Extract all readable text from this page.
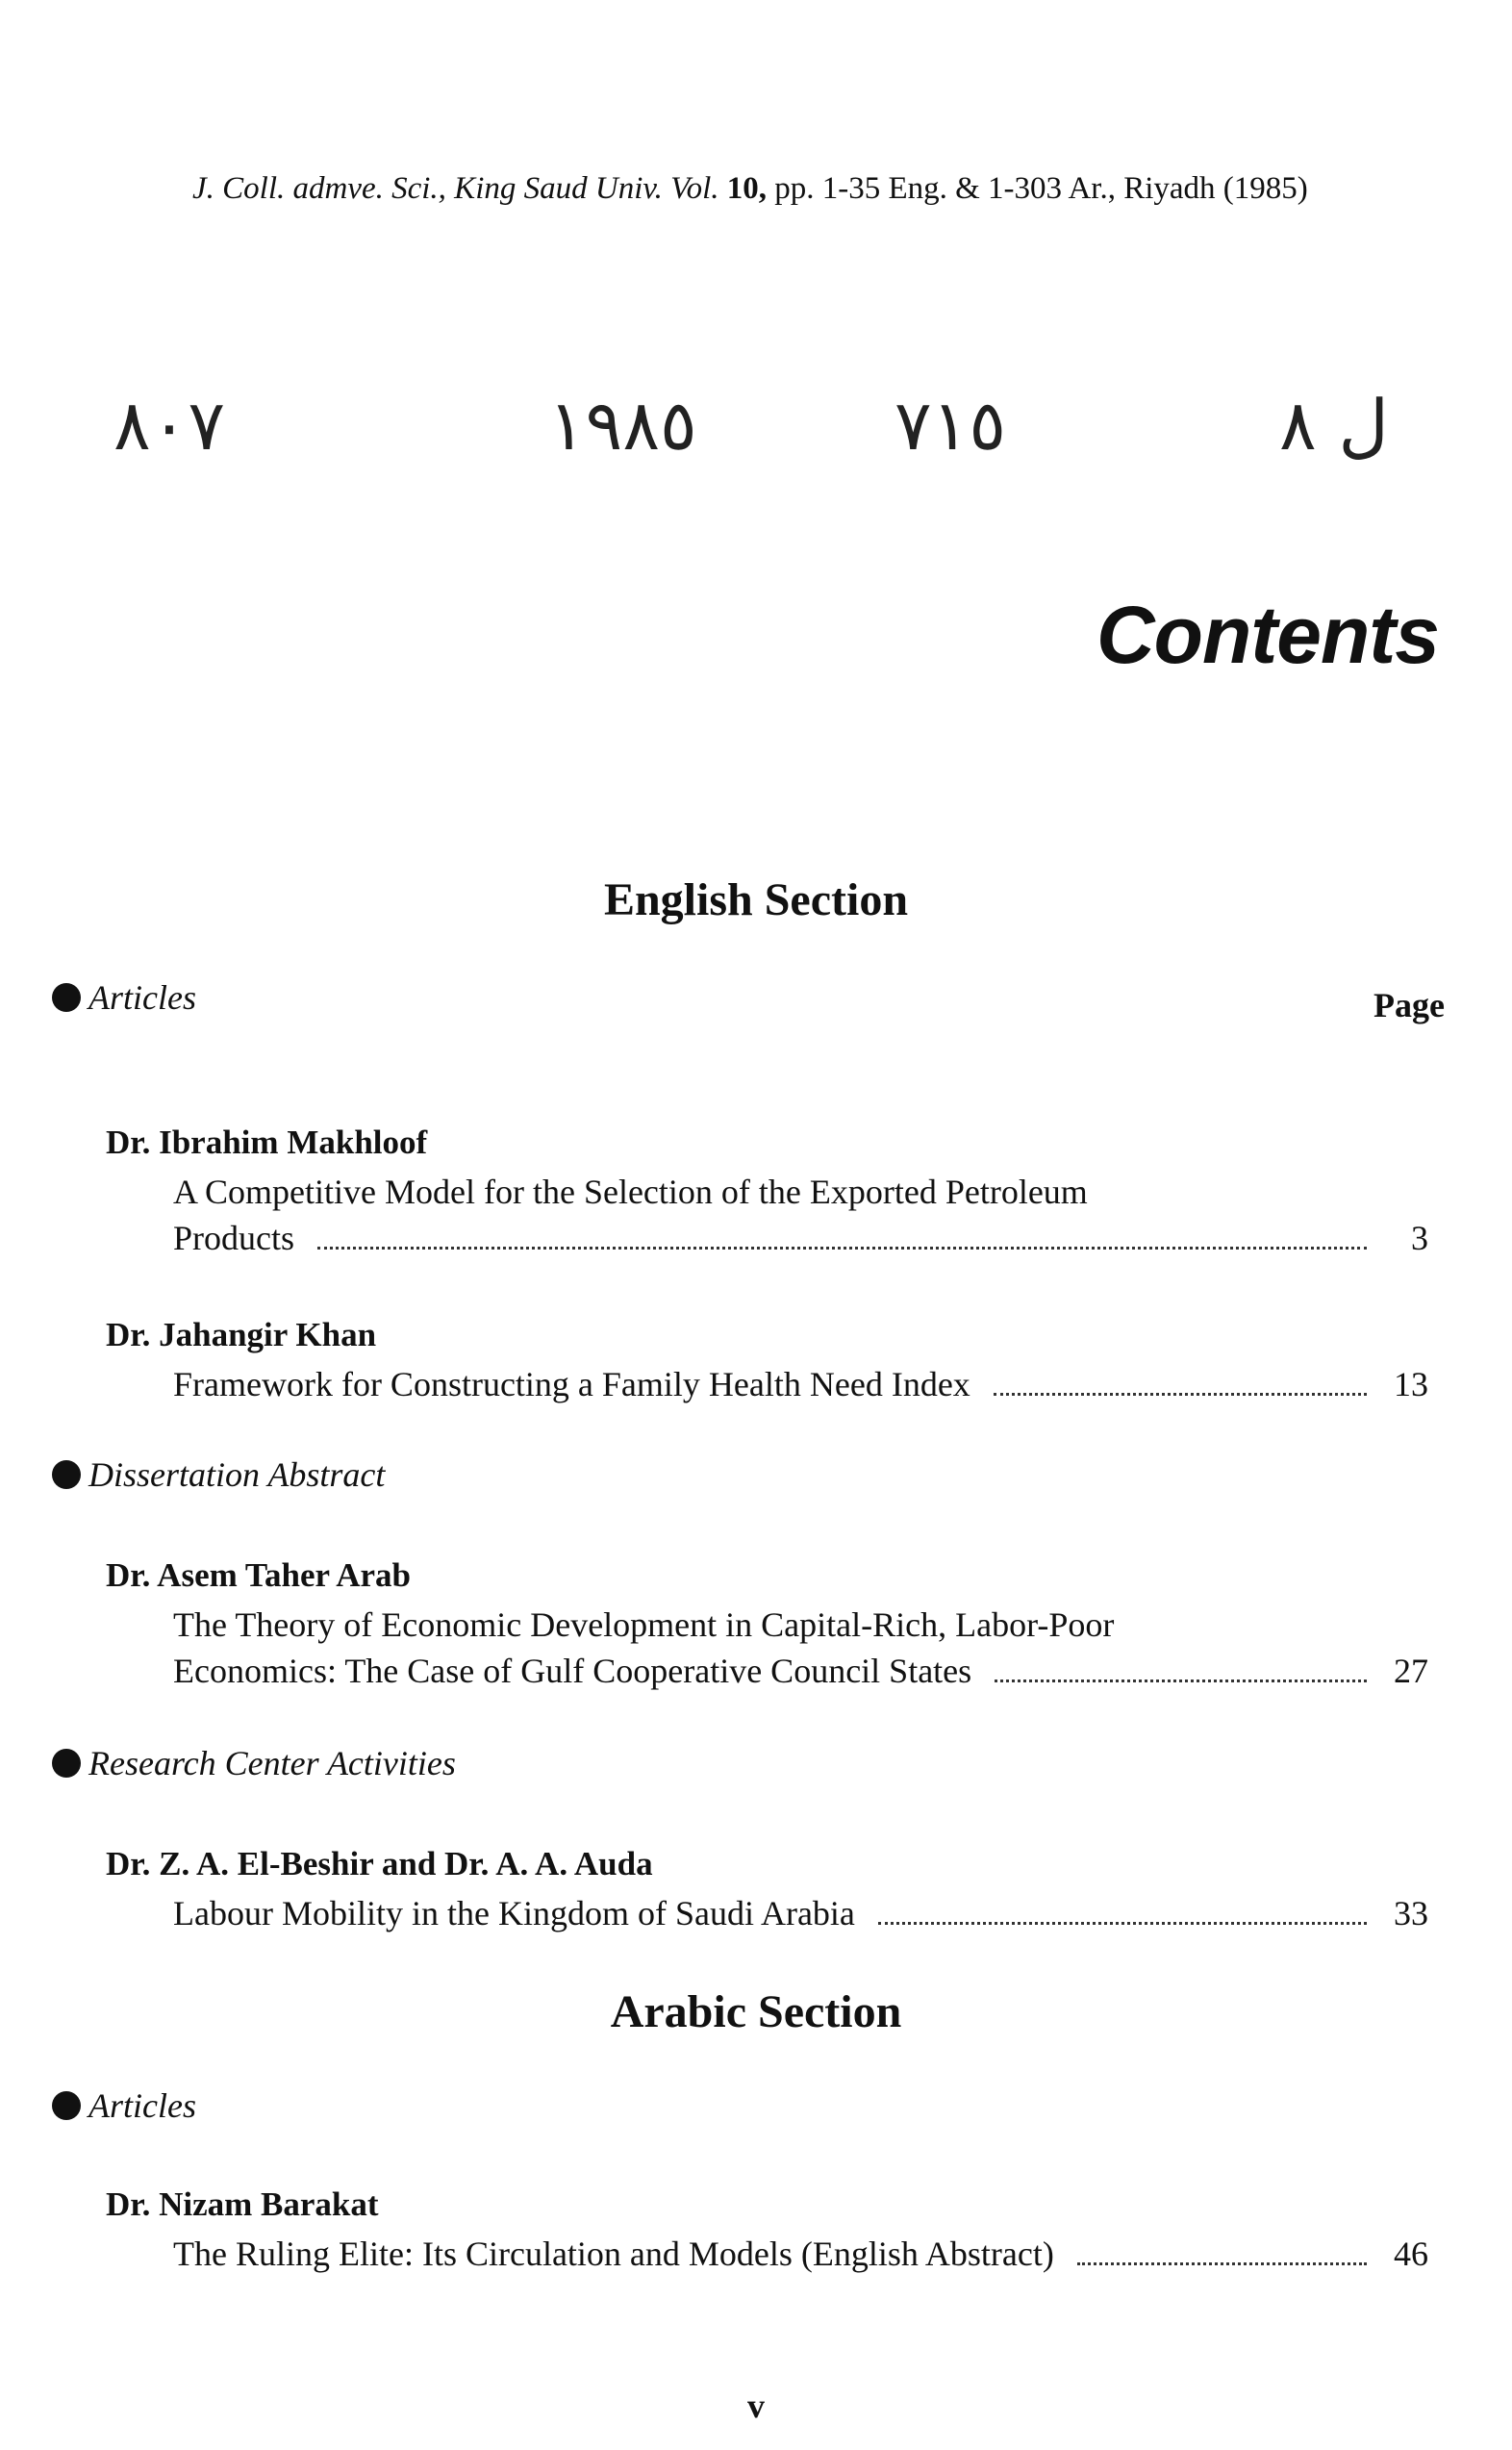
J. Coll. admve. Sci., King Saud Univ. Vol. 10, pp. 1-35 Eng. & 1-303 Ar., Riyadh (1985)
٨٠٧	١٩٨٥	٧١٥	ل ٨
Contents
English Section
Articles	Page
Dr. Ibrahim Makhloof
A Competitive Model for the Selection of the Exported Petroleum
Products	3
Dr. Jahangir Khan
Framework for Constructing a Family Health Need Index	13
Dissertation Abstract
Dr. Asem Taher Arab
The Theory of Economic Development in Capital-Rich, Labor-Poor
Economics: The Case of Gulf Cooperative Council States	27
Research Center Activities
Dr. Z. A. El-Beshir and Dr. A. A. Auda
Labour Mobility in the Kingdom of Saudi Arabia	33
Arabic Section
Articles
Dr. Nizam Barakat
The Ruling Elite: Its Circulation and Models (English Abstract)	46
v
